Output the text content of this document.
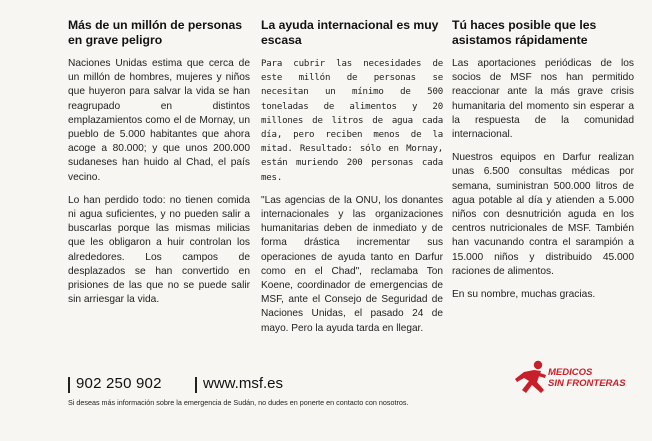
Más de un millón de personas en grave peligro
Naciones Unidas estima que cerca de un millón de hombres, mujeres y niños que huyeron para salvar la vida se han reagrupado en distintos emplazamientos como el de Mornay, un pueblo de 5.000 habitantes que ahora acoge a 80.000; y que unos 200.000 sudaneses han huido al Chad, el país vecino.
Lo han perdido todo: no tienen comida ni agua suficientes, y no pueden salir a buscarlas porque las mismas milicias que les obligaron a huir controlan los alrededores. Los campos de desplazados se han convertido en prisiones de las que no se puede salir sin arriesgar la vida.
La ayuda internacional es muy escasa
Para cubrir las necesidades de este millón de personas se necesitan un mínimo de 500 toneladas de alimentos y 20 millones de litros de agua cada día, pero reciben menos de la mitad. Resultado: sólo en Mornay, están muriendo 200 personas cada mes.
"Las agencias de la ONU, los donantes internacionales y las organizaciones humanitarias deben de inmediato y de forma drástica incrementar sus operaciones de ayuda tanto en Darfur como en el Chad", reclamaba Ton Koene, coordinador de emergencias de MSF, ante el Consejo de Seguridad de Naciones Unidas, el pasado 24 de mayo. Pero la ayuda tarda en llegar.
Tú haces posible que les asistamos rápidamente
Las aportaciones periódicas de los socios de MSF nos han permitido reaccionar ante la más grave crisis humanitaria del momento sin esperar a la respuesta de la comunidad internacional.
Nuestros equipos en Darfur realizan unas 6.500 consultas médicas por semana, suministran 500.000 litros de agua potable al día y atienden a 5.000 niños con desnutrición aguda en los centros nutricionales de MSF. También han vacunando contra el sarampión a 15.000 niños y distribuido 45.000 raciones de alimentos.
En su nombre, muchas gracias.
902 250 902	www.msf.es
Si deseas más información sobre la emergencia de Sudán, no dudes en ponerte en contacto con nosotros.
MEDICOS
SIN FRONTERAS
